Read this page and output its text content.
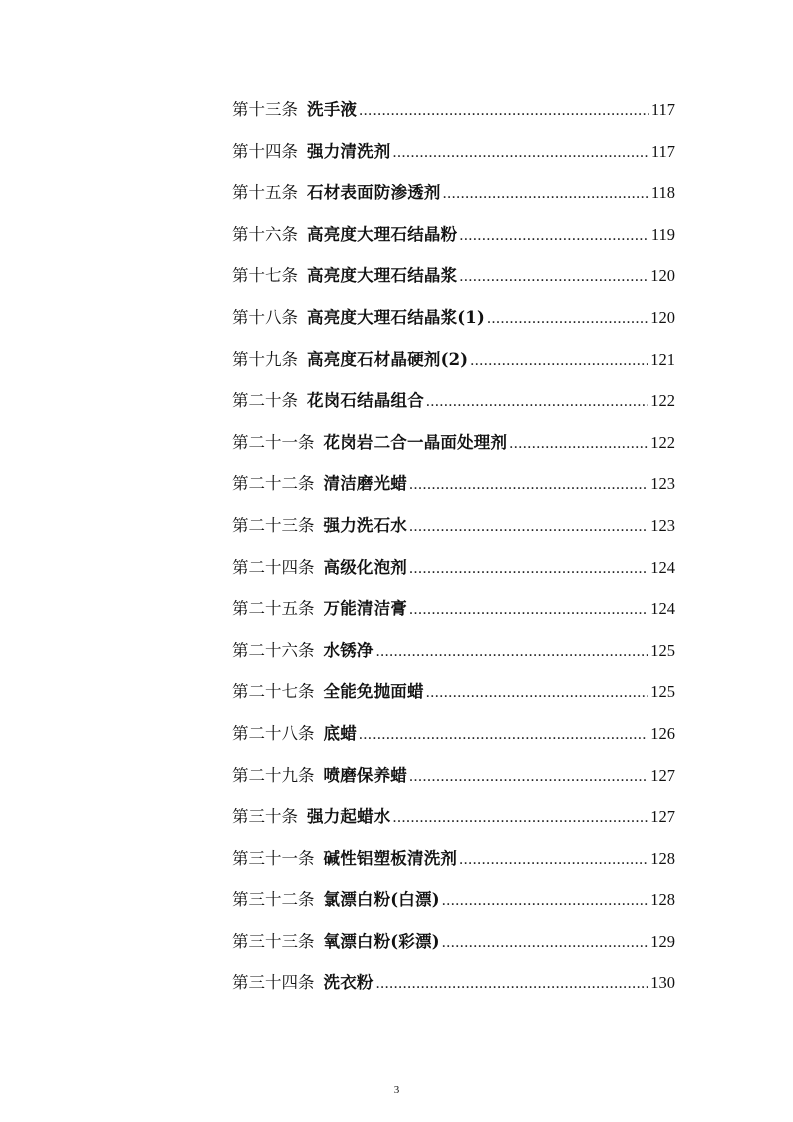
第十三条 洗手液 .....	117
第十四条 强力清洗剂 .....	117
第十五条 石材表面防渗透剂 .....	118
第十六条 高亮度大理石结晶粉 .....	119
第十七条 高亮度大理石结晶浆 .....	120
第十八条 高亮度大理石结晶浆(1) .....	120
第十九条 高亮度石材晶硬剂(2) .....	121
第二十条 花岗石结晶组合 .....	122
第二十一条 花岗岩二合一晶面处理剂 .....	122
第二十二条 清洁磨光蜡 .....	123
第二十三条 强力洗石水 .....	123
第二十四条 高级化泡剂 .....	124
第二十五条 万能清洁膏 .....	124
第二十六条 水锈净 .....	125
第二十七条 全能免抛面蜡 .....	125
第二十八条 底蜡 .....	126
第二十九条 喷磨保养蜡 .....	127
第三十条 强力起蜡水 .....	127
第三十一条 碱性铝塑板清洗剂 .....	128
第三十二条 氯漂白粉(白漂) .....	128
第三十三条 氧漂白粉(彩漂) .....	129
第三十四条 洗衣粉 .....	130
3
